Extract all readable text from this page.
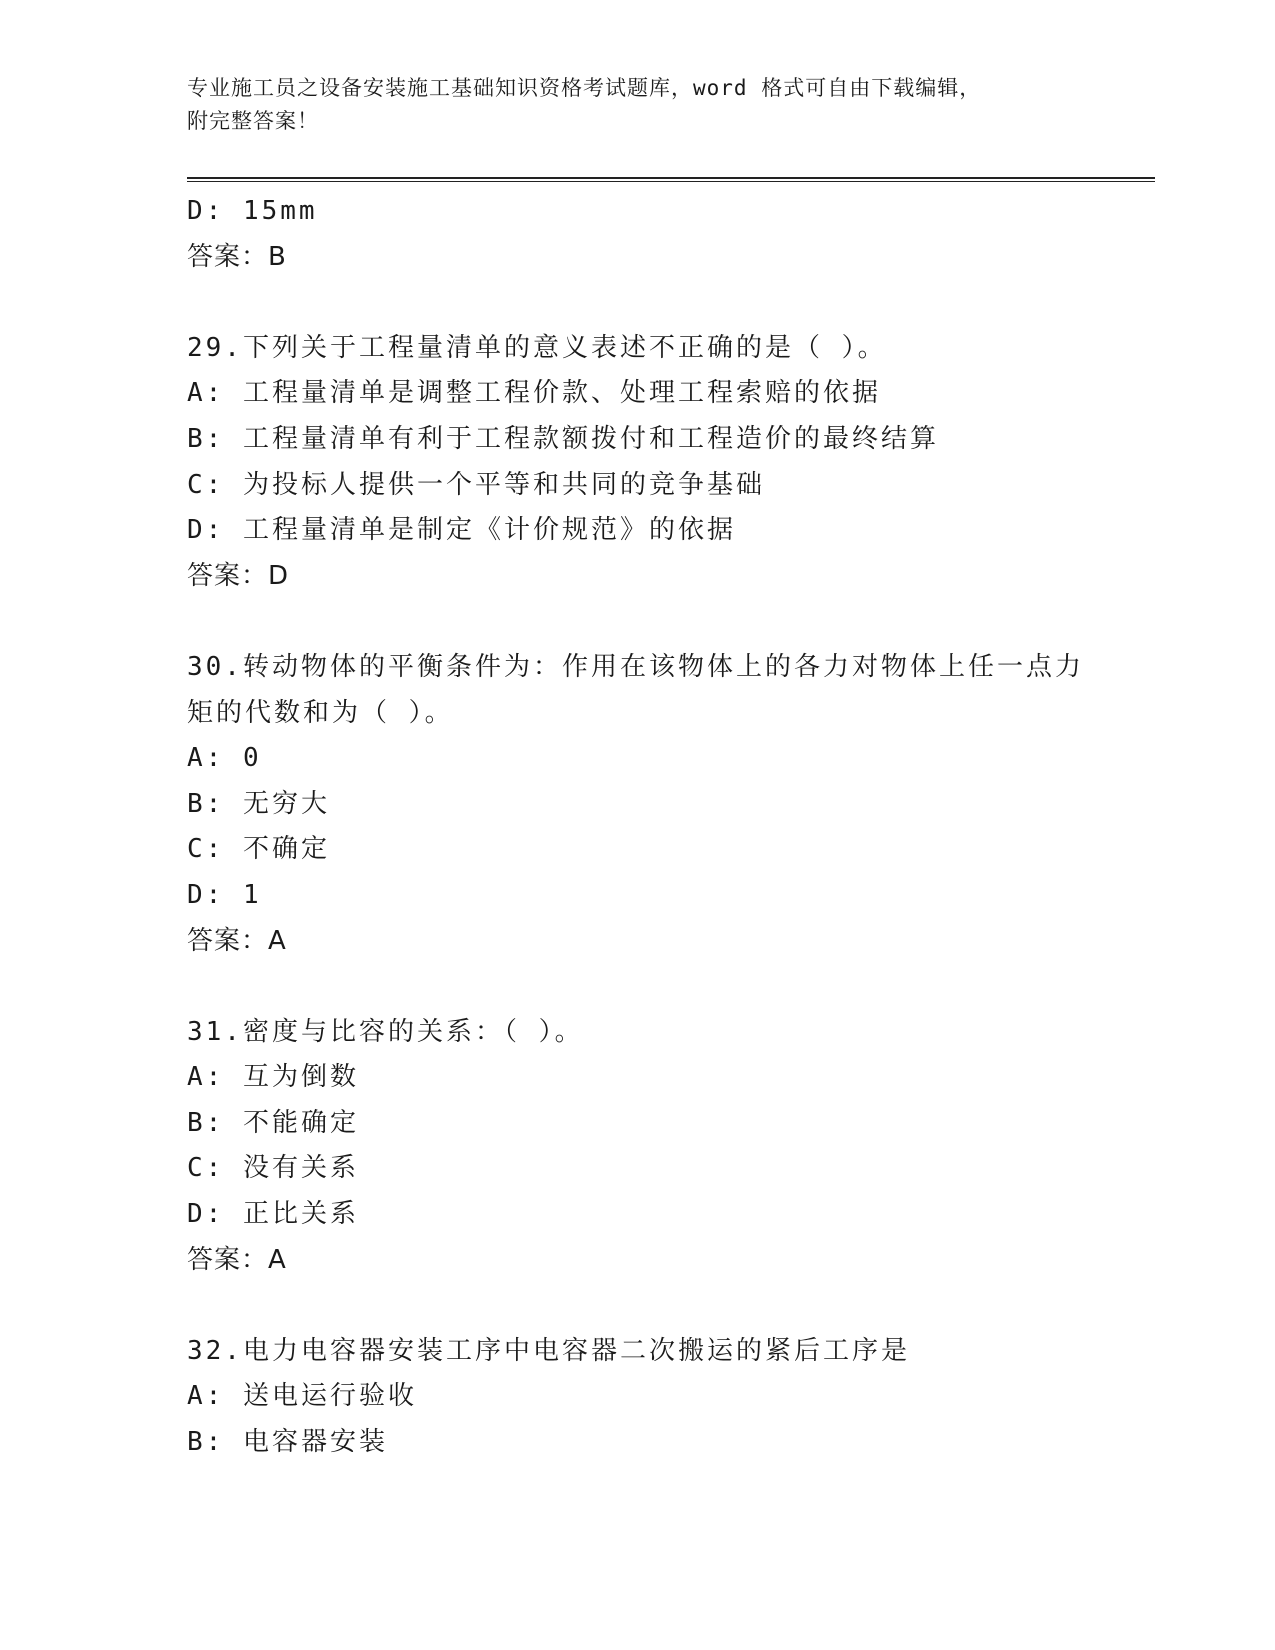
专业施工员之设备安装施工基础知识资格考试题库，word 格式可自由下载编辑，
附完整答案！
D: 15mm
答案：B
29.下列关于工程量清单的意义表述不正确的是（ ）。
A: 工程量清单是调整工程价款、处理工程索赔的依据
B: 工程量清单有利于工程款额拨付和工程造价的最终结算
C: 为投标人提供一个平等和共同的竞争基础
D: 工程量清单是制定《计价规范》的依据
答案：D
30.转动物体的平衡条件为：作用在该物体上的各力对物体上任一点力
矩的代数和为（ ）。
A: 0
B: 无穷大
C: 不确定
D: 1
答案：A
31.密度与比容的关系：（ ）。
A: 互为倒数
B: 不能确定
C: 没有关系
D: 正比关系
答案：A
32.电力电容器安装工序中电容器二次搬运的紧后工序是
A: 送电运行验收
B: 电容器安装
